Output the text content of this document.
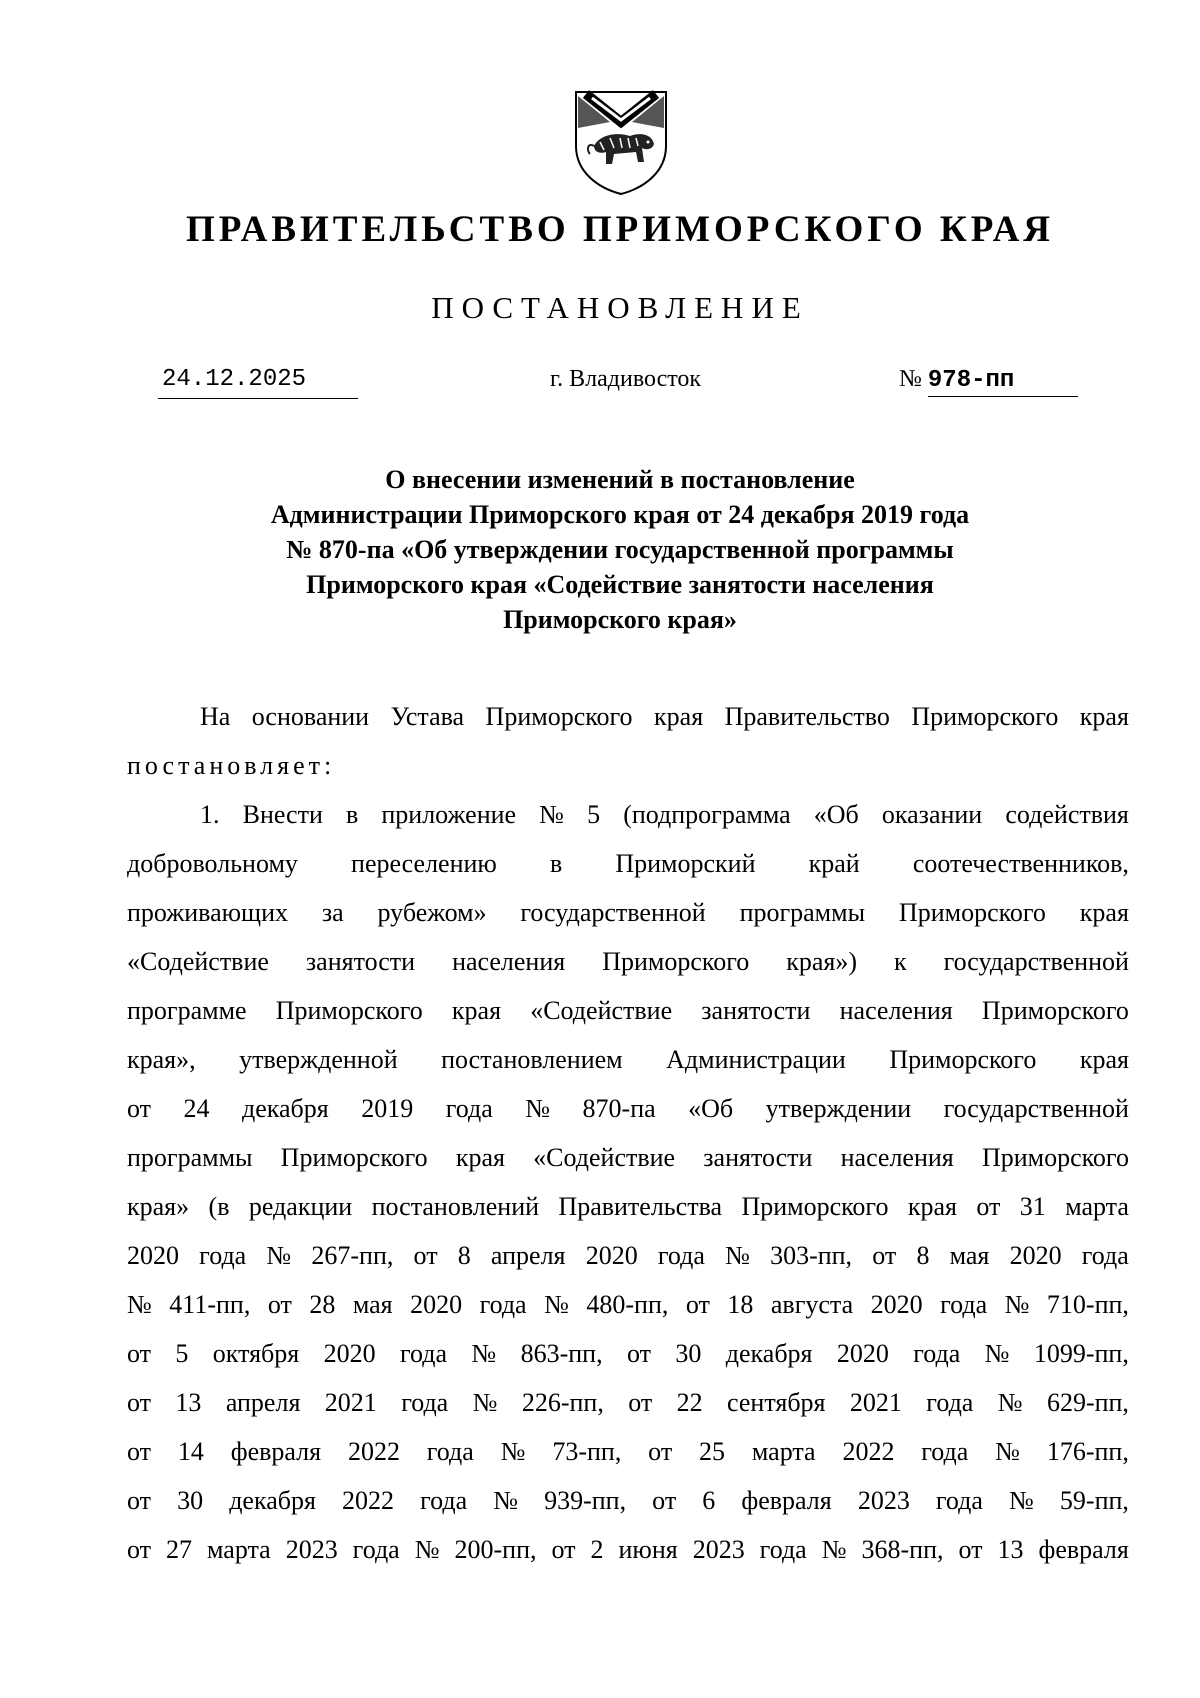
ПРАВИТЕЛЬСТВО ПРИМОРСКОГО КРАЯ
ПОСТАНОВЛЕНИЕ
24.12.2025	г. Владивосток	№ 978-пп
О внесении изменений в постановление
Администрации Приморского края от 24 декабря 2019 года
№ 870-па «Об утверждении государственной программы
Приморского края «Содействие занятости населения
Приморского края»
На основании Устава Приморского края Правительство Приморского края
постановляет:
1. Внести в приложение № 5 (подпрограмма «Об оказании содействия
добровольному переселению в Приморский край соотечественников,
проживающих за рубежом» государственной программы Приморского края
«Содействие занятости населения Приморского края») к государственной
программе Приморского края «Содействие занятости населения Приморского
края», утвержденной постановлением Администрации Приморского края
от 24 декабря 2019 года № 870-па «Об утверждении государственной
программы Приморского края «Содействие занятости населения Приморского
края» (в редакции постановлений Правительства Приморского края от 31 марта
2020 года № 267-пп, от 8 апреля 2020 года № 303-пп, от 8 мая 2020 года
№ 411-пп, от 28 мая 2020 года № 480-пп, от 18 августа 2020 года № 710-пп,
от 5 октября 2020 года № 863-пп, от 30 декабря 2020 года № 1099-пп,
от 13 апреля 2021 года № 226-пп, от 22 сентября 2021 года № 629-пп,
от 14 февраля 2022 года № 73-пп, от 25 марта 2022 года № 176-пп,
от 30 декабря 2022 года № 939-пп, от 6 февраля 2023 года № 59-пп,
от 27 марта 2023 года № 200-пп, от 2 июня 2023 года № 368-пп, от 13 февраля
